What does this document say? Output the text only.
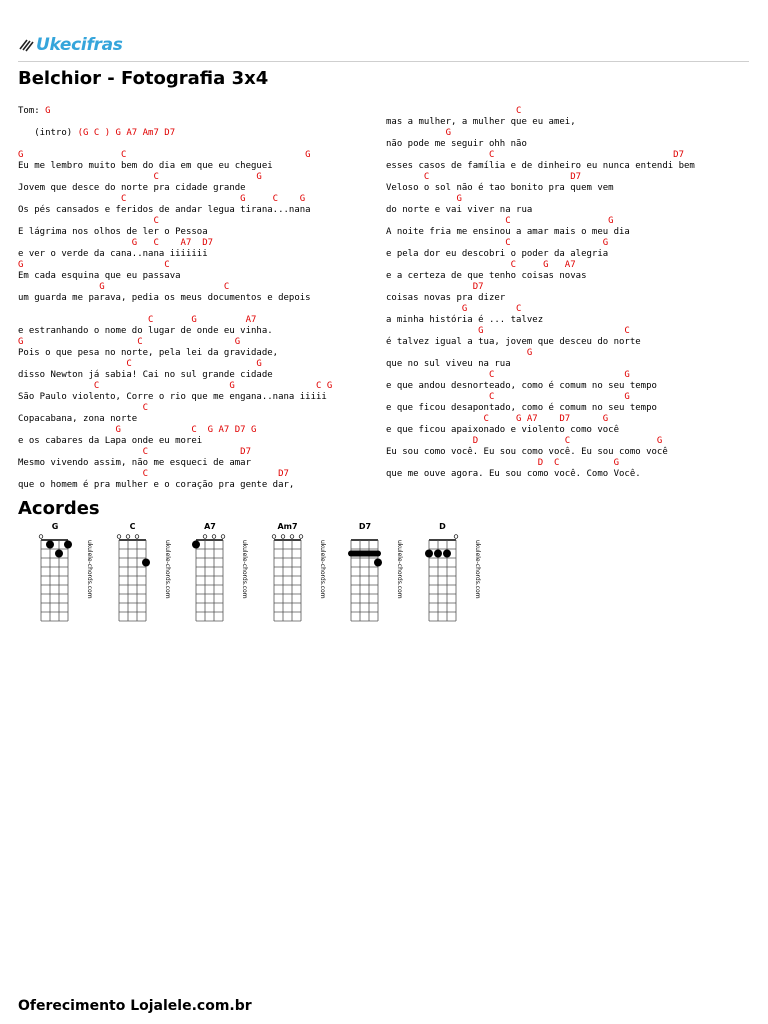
Ukecifras
Belchior - Fotografia 3x4
Tom: G
(intro) (G C ) G A7 Am7 D7
G                  C                                 G
Eu me lembro muito bem do dia em que eu cheguei
C                  G
Jovem que desce do norte pra cidade grande
C                     G     C    G
Os pés cansados e feridos de andar legua tirana...nana
C
E lágrima nos olhos de ler o Pessoa
G   C    A7  D7
e ver o verde da cana..nana iiiiiii
G                          C
Em cada esquina que eu passava
G                      C
um guarda me parava, pedia os meus documentos e depois
C       G         A7
e estranhando o nome do lugar de onde eu vinha.
G                     C                 G
Pois o que pesa no norte, pela lei da gravidade,
C                       G
disso Newton já sabia! Cai no sul grande cidade
C                        G               C G
São Paulo violento, Corre o rio que me engana..nana iiiii
C
Copacabana, zona norte
G             C  G A7 D7 G
e os cabares da Lapa onde eu morei
C                 D7
Mesmo vivendo assim, não me esqueci de amar
C                        D7
que o homem é pra mulher e o coração pra gente dar,
C
mas a mulher, a mulher que eu amei,
G
não pode me seguir ohh não
C                                 D7
esses casos de família e de dinheiro eu nunca entendi bem
C                          D7
Veloso o sol não é tao bonito pra quem vem
G
do norte e vai viver na rua
C                  G
A noite fria me ensinou a amar mais o meu dia
C                 G
e pela dor eu descobri o poder da alegria
C     G   A7
e a certeza de que tenho coisas novas
D7
coisas novas pra dizer
G         C
a minha história é ... talvez
G                          C
é talvez igual a tua, jovem que desceu do norte
G
que no sul viveu na rua
C                        G
e que andou desnorteado, como é comum no seu tempo
C                        G
e que ficou desapontado, como é comum no seu tempo
C     G A7    D7      G
e que ficou apaixonado e violento como você
D                C                G
Eu sou como você. Eu sou como você. Eu sou como você
D  C          G
que me ouve agora. Eu sou como você. Como Você.
Acordes
G
ukulele-chords.com
C
ukulele-chords.com
A7
ukulele-chords.com
Am7
ukulele-chords.com
D7
ukulele-chords.com
D
ukulele-chords.com
Oferecimento Lojalele.com.br
